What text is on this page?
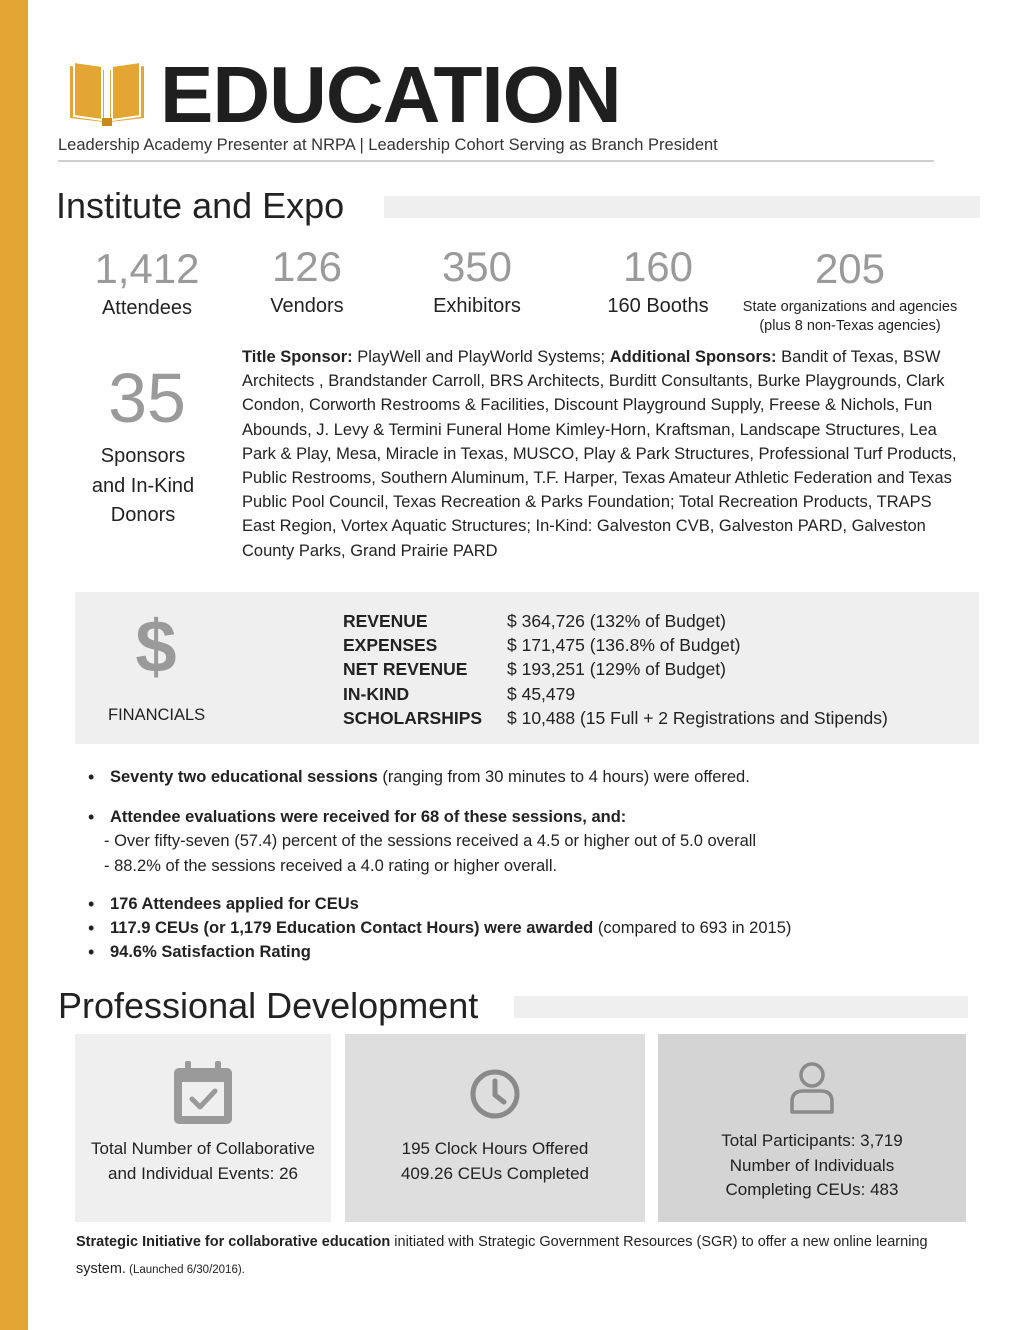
EDUCATION
Leadership Academy Presenter at NRPA | Leadership Cohort Serving as Branch President
Institute and Expo
1,412
Attendees
126
Vendors
350
Exhibitors
160
160 Booths
205
State organizations and agencies
(plus 8 non-Texas agencies)
35
Sponsors
and In-Kind
Donors
Title Sponsor: PlayWell and PlayWorld Systems; Additional Sponsors: Bandit of Texas, BSW Architects , Brandstander Carroll, BRS Architects, Burditt Consultants, Burke Playgrounds, Clark Condon, Corworth Restrooms & Facilities, Discount Playground Supply, Freese & Nichols, Fun Abounds, J. Levy & Termini Funeral Home Kimley-Horn, Kraftsman, Landscape Structures, Lea Park & Play, Mesa, Miracle in Texas, MUSCO, Play & Park Structures, Professional Turf Products, Public Restrooms, Southern Aluminum, T.F. Harper, Texas Amateur Athletic Federation and Texas Public Pool Council, Texas Recreation & Parks Foundation; Total Recreation Products, TRAPS East Region, Vortex Aquatic Structures; In-Kind: Galveston CVB, Galveston PARD, Galveston County Parks, Grand Prairie PARD
$
FINANCIALS
REVENUE	$ 364,726 (132% of Budget)
EXPENSES	$ 171,475 (136.8% of Budget)
NET REVENUE	$ 193,251 (129% of Budget)
IN-KIND	$ 45,479
SCHOLARSHIPS	$ 10,488 (15 Full + 2 Registrations and Stipends)
• Seventy two educational sessions (ranging from 30 minutes to 4 hours) were offered.
• Attendee evaluations were received for 68 of these sessions, and:
- Over fifty-seven (57.4) percent of the sessions received a 4.5 or higher out of 5.0 overall
- 88.2% of the sessions received a 4.0 rating or higher overall.
• 176 Attendees applied for CEUs
• 117.9 CEUs (or 1,179 Education Contact Hours) were awarded (compared to 693 in 2015)
• 94.6% Satisfaction Rating
Professional Development
Total Number of Collaborative
and Individual Events: 26
195 Clock Hours Offered
409.26 CEUs Completed
Total Participants: 3,719
Number of Individuals
Completing CEUs: 483
Strategic Initiative for collaborative education initiated with Strategic Government Resources (SGR) to offer a new online learning system. (Launched 6/30/2016).
